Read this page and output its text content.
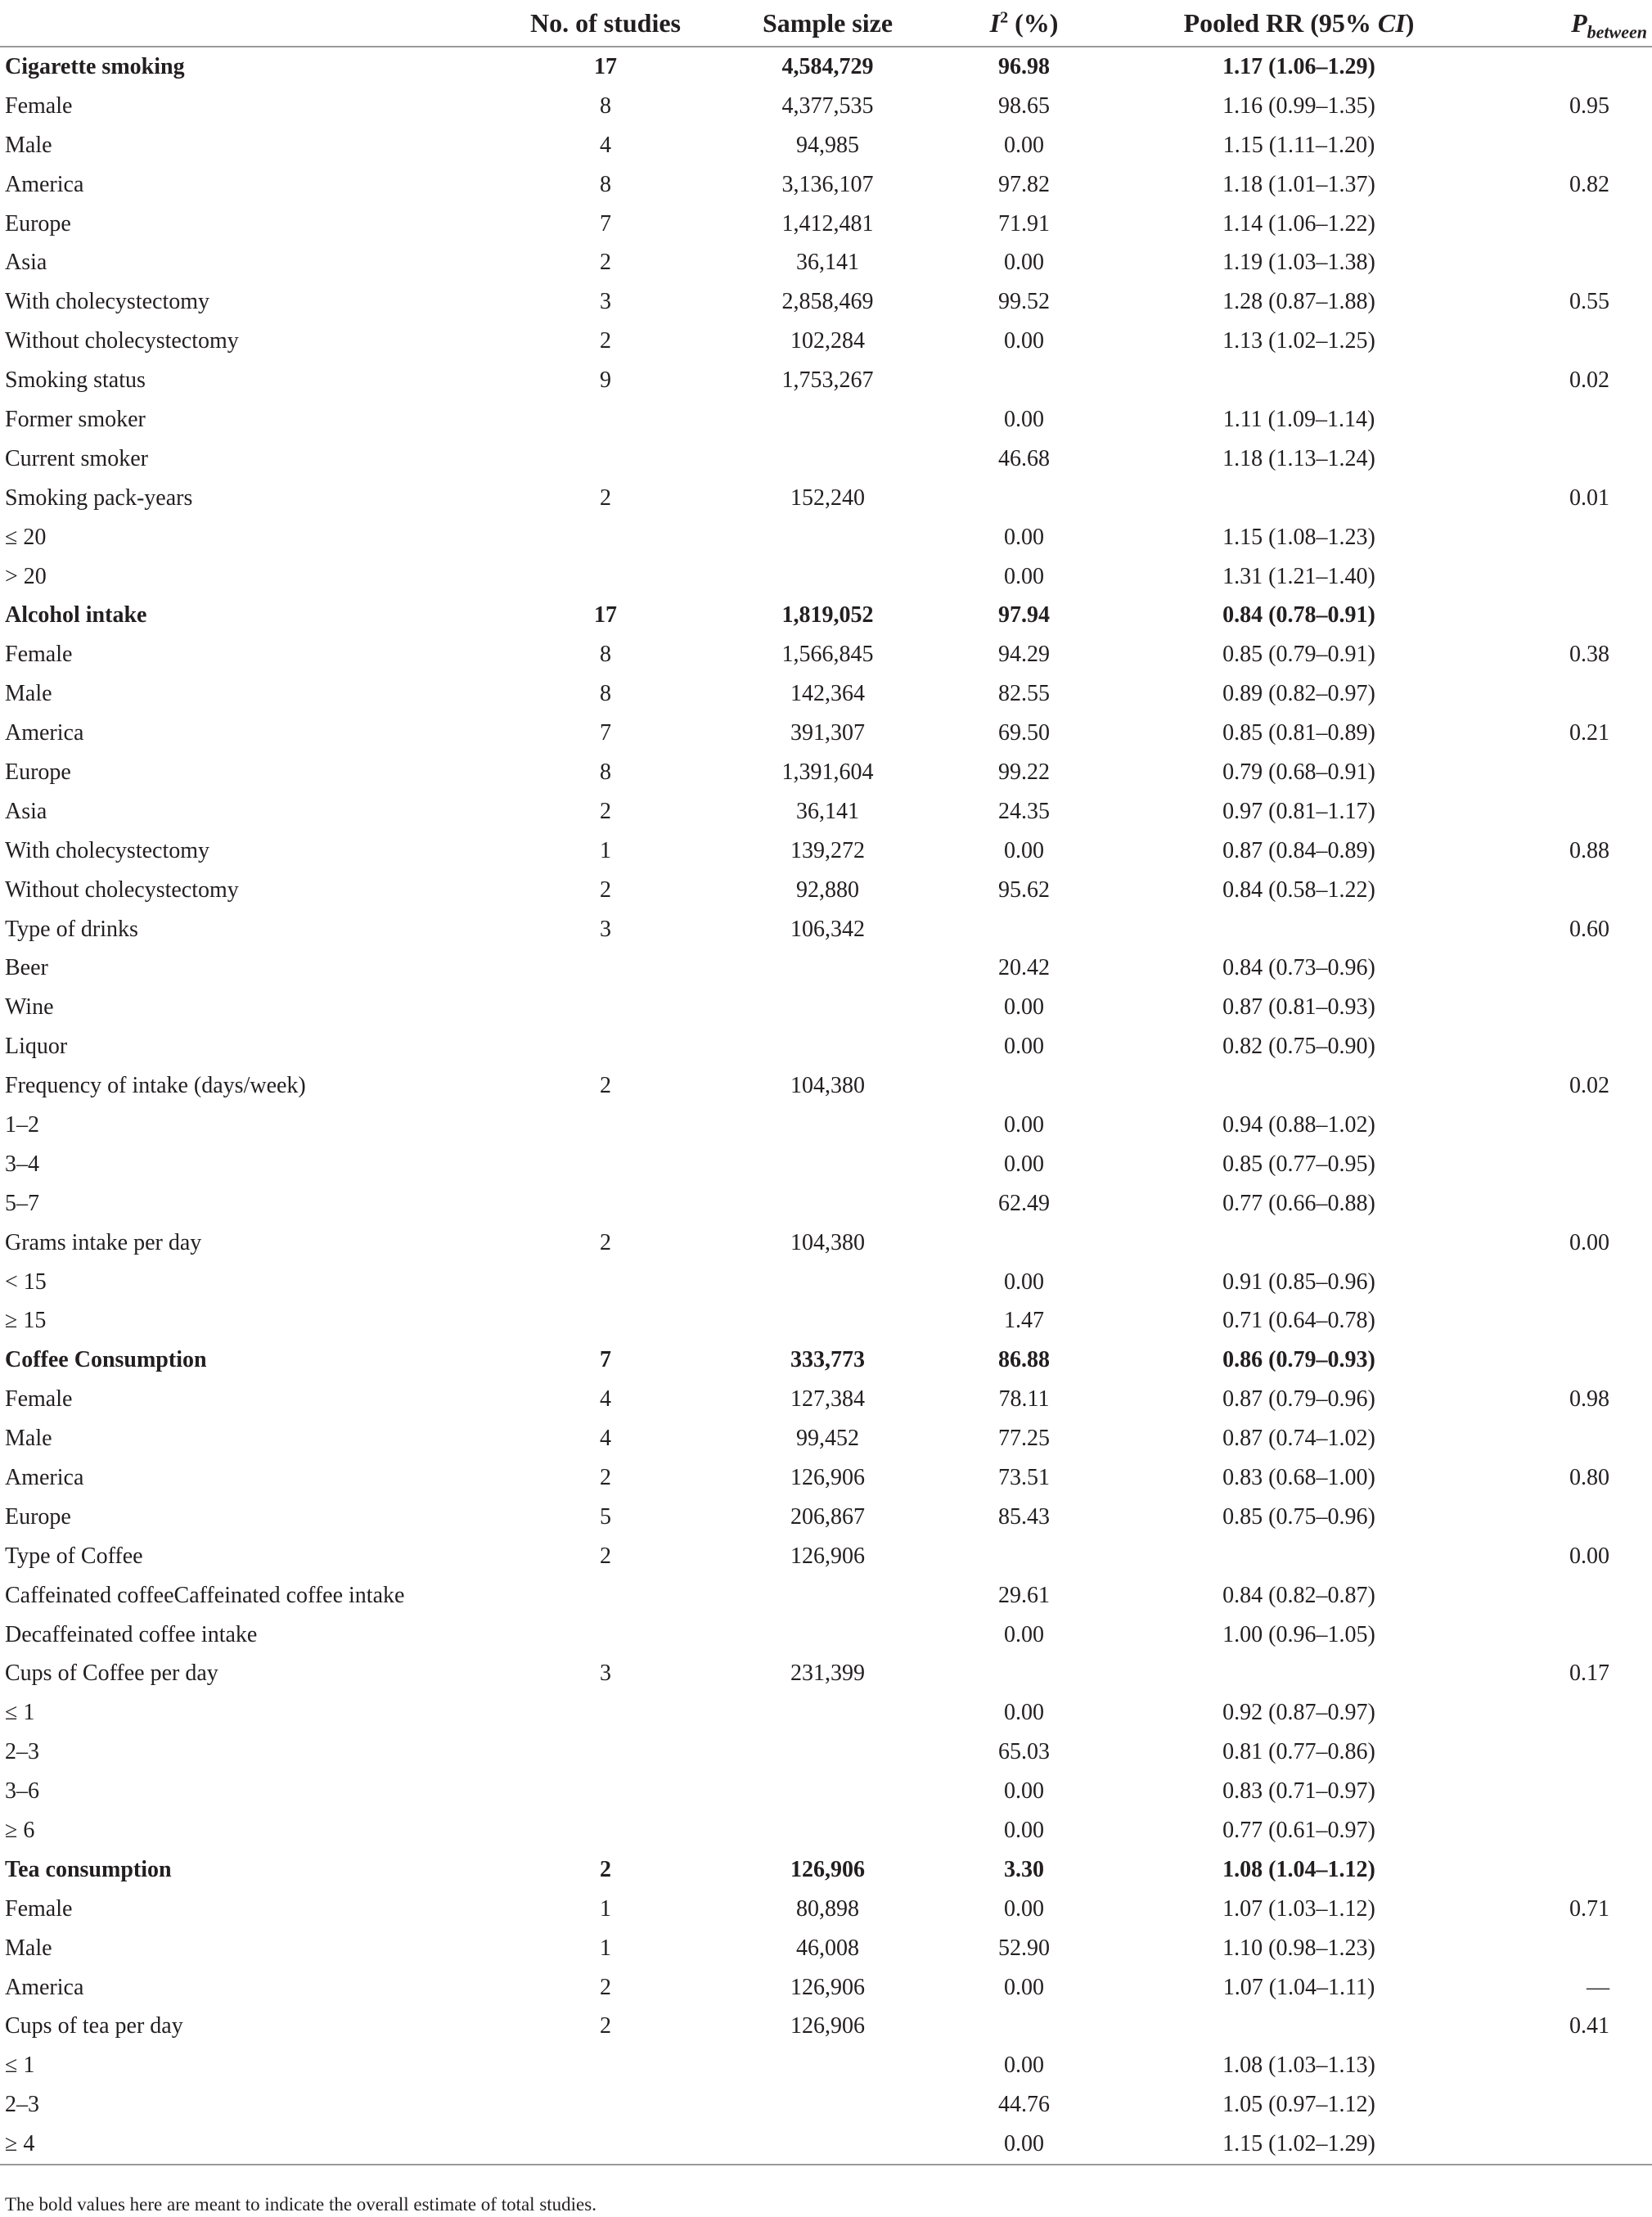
	No. of studies	Sample size	$I^2$ (%)	Pooled RR (95% CI)	$P_{between}$
Cigarette smoking	17	4,584,729	96.98	1.17 (1.06–1.29)	
Female	8	4,377,535	98.65	1.16 (0.99–1.35)	0.95
Male	4	94,985	0.00	1.15 (1.11–1.20)	
America	8	3,136,107	97.82	1.18 (1.01–1.37)	0.82
Europe	7	1,412,481	71.91	1.14 (1.06–1.22)	
Asia	2	36,141	0.00	1.19 (1.03–1.38)	
With cholecystectomy	3	2,858,469	99.52	1.28 (0.87–1.88)	0.55
Without cholecystectomy	2	102,284	0.00	1.13 (1.02–1.25)	
Smoking status	9	1,753,267			0.02
Former smoker			0.00	1.11 (1.09–1.14)	
Current smoker			46.68	1.18 (1.13–1.24)	
Smoking pack-years	2	152,240			0.01
≤ 20			0.00	1.15 (1.08–1.23)	
> 20			0.00	1.31 (1.21–1.40)	
Alcohol intake	17	1,819,052	97.94	0.84 (0.78–0.91)	
Female	8	1,566,845	94.29	0.85 (0.79–0.91)	0.38
Male	8	142,364	82.55	0.89 (0.82–0.97)	
America	7	391,307	69.50	0.85 (0.81–0.89)	0.21
Europe	8	1,391,604	99.22	0.79 (0.68–0.91)	
Asia	2	36,141	24.35	0.97 (0.81–1.17)	
With cholecystectomy	1	139,272	0.00	0.87 (0.84–0.89)	0.88
Without cholecystectomy	2	92,880	95.62	0.84 (0.58–1.22)	
Type of drinks	3	106,342			0.60
Beer			20.42	0.84 (0.73–0.96)	
Wine			0.00	0.87 (0.81–0.93)	
Liquor			0.00	0.82 (0.75–0.90)	
Frequency of intake (days/week)	2	104,380			0.02
1–2			0.00	0.94 (0.88–1.02)	
3–4			0.00	0.85 (0.77–0.95)	
5–7			62.49	0.77 (0.66–0.88)	
Grams intake per day	2	104,380			0.00
< 15			0.00	0.91 (0.85–0.96)	
≥ 15			1.47	0.71 (0.64–0.78)	
Coffee Consumption	7	333,773	86.88	0.86 (0.79–0.93)	
Female	4	127,384	78.11	0.87 (0.79–0.96)	0.98
Male	4	99,452	77.25	0.87 (0.74–1.02)	
America	2	126,906	73.51	0.83 (0.68–1.00)	0.80
Europe	5	206,867	85.43	0.85 (0.75–0.96)	
Type of Coffee	2	126,906			0.00
Caffeinated coffeeCaffeinated coffee intake			29.61	0.84 (0.82–0.87)	
Decaffeinated coffee intake			0.00	1.00 (0.96–1.05)	
Cups of Coffee per day	3	231,399			0.17
≤ 1			0.00	0.92 (0.87–0.97)	
2–3			65.03	0.81 (0.77–0.86)	
3–6			0.00	0.83 (0.71–0.97)	
≥ 6			0.00	0.77 (0.61–0.97)	
Tea consumption	2	126,906	3.30	1.08 (1.04–1.12)	
Female	1	80,898	0.00	1.07 (1.03–1.12)	0.71
Male	1	46,008	52.90	1.10 (0.98–1.23)	
America	2	126,906	0.00	1.07 (1.04–1.11)	—
Cups of tea per day	2	126,906			0.41
≤ 1			0.00	1.08 (1.03–1.13)	
2–3			44.76	1.05 (0.97–1.12)	
≥ 4			0.00	1.15 (1.02–1.29)	

The bold values here are meant to indicate the overall estimate of total studies.
